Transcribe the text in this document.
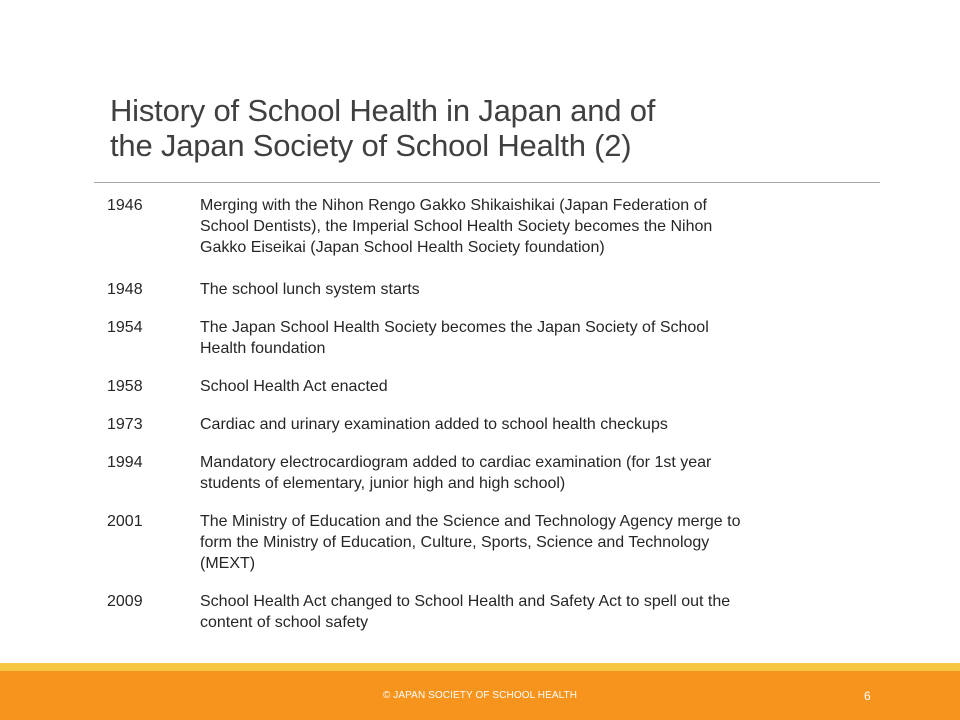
History of School Health in Japan and of
the Japan Society of School Health (2)
1946	Merging with the Nihon Rengo Gakko Shikaishikai (Japan Federation of
School Dentists), the Imperial School Health Society becomes the Nihon
Gakko Eiseikai (Japan School Health Society foundation)
1948	The school lunch system starts
1954	The Japan School Health Society becomes the Japan Society of School
Health foundation
1958	School Health Act enacted
1973	Cardiac and urinary examination added to school health checkups
1994	Mandatory electrocardiogram added to cardiac examination (for 1st year
students of elementary, junior high and high school)
2001	The Ministry of Education and the Science and Technology Agency merge to
form the Ministry of Education, Culture, Sports, Science and Technology
(MEXT)
2009	School Health Act changed to School Health and Safety Act to spell out the
content of school safety
© JAPAN SOCIETY OF SCHOOL HEALTH	6
